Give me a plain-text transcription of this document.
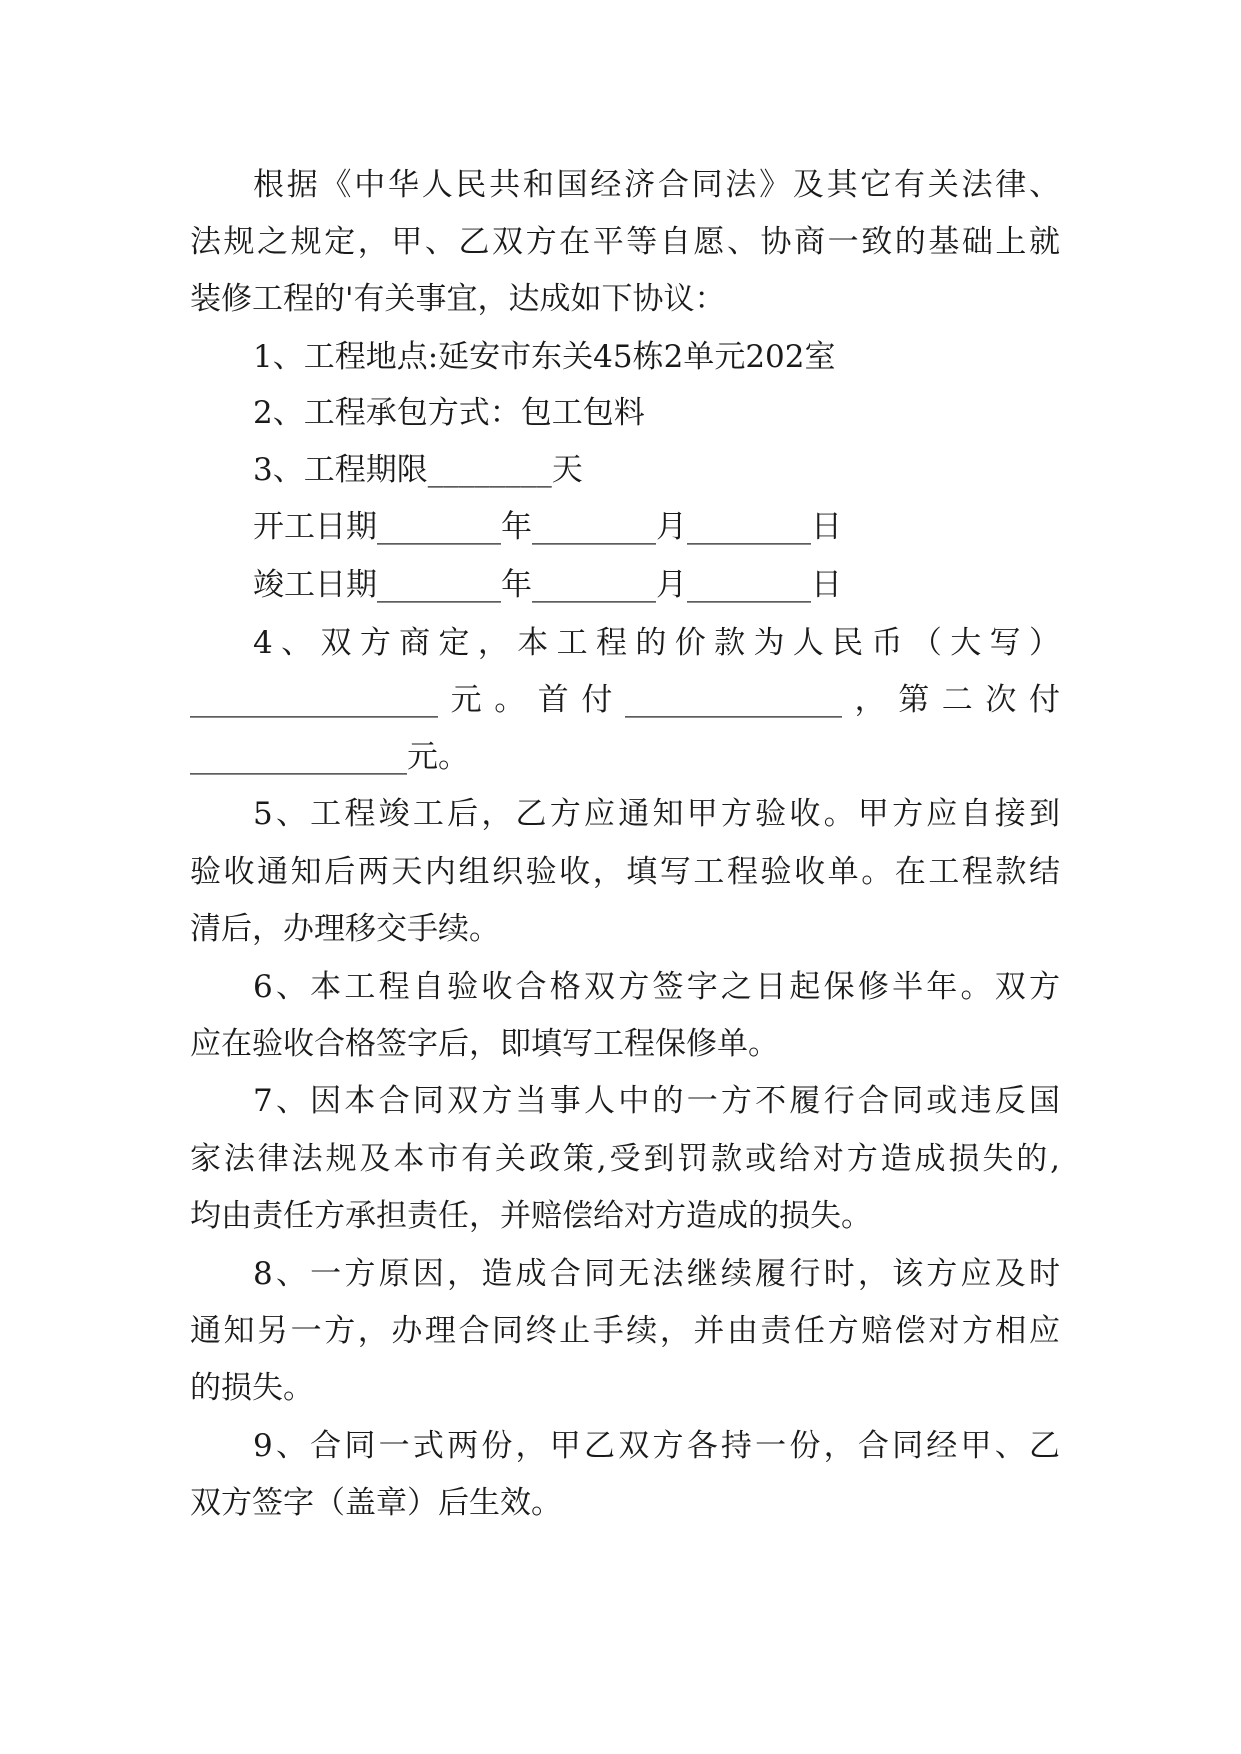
根据《中华人民共和国经济合同法》及其它有关法律、
法规之规定，甲、乙双方在平等自愿、协商一致的基础上就
装修工程的'有关事宜，达成如下协议：
1、工程地点:延安市东关45栋2单元202室
2、工程承包方式：包工包料
3、工程期限________天
开工日期________年________月________日
竣工日期________年________月________日
4、双方商定，本工程的价款为人民币（大写）
________________元。首付______________，第二次付
______________元。
5、工程竣工后，乙方应通知甲方验收。甲方应自接到
验收通知后两天内组织验收，填写工程验收单。在工程款结
清后，办理移交手续。
6、本工程自验收合格双方签字之日起保修半年。双方
应在验收合格签字后，即填写工程保修单。
7、因本合同双方当事人中的一方不履行合同或违反国
家法律法规及本市有关政策,受到罚款或给对方造成损失的,
均由责任方承担责任，并赔偿给对方造成的损失。
8、一方原因，造成合同无法继续履行时，该方应及时
通知另一方，办理合同终止手续，并由责任方赔偿对方相应
的损失。
9、合同一式两份，甲乙双方各持一份，合同经甲、乙
双方签字（盖章）后生效。
